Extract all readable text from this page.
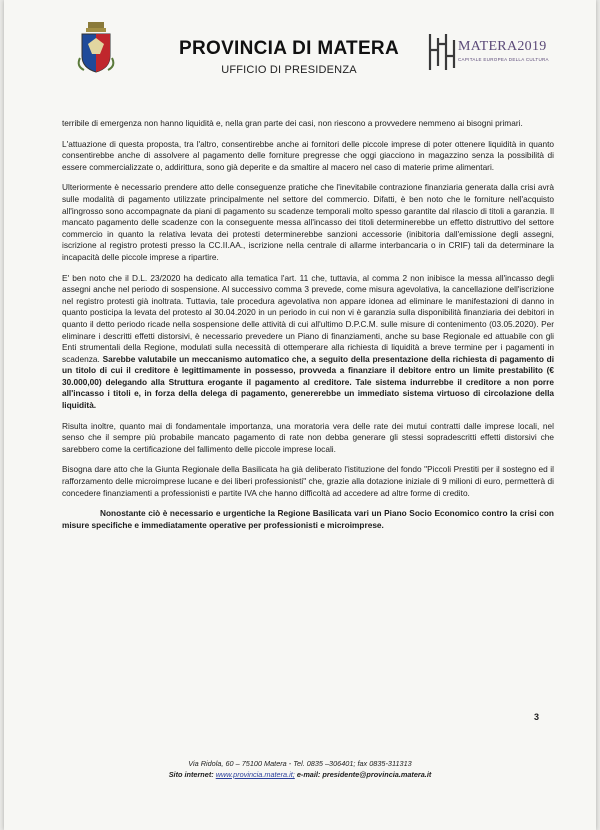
PROVINCIA DI MATERA
UFFICIO DI PRESIDENZA
MATERA2019
CAPITALE EUROPEA DELLA CULTURA

terribile di emergenza non hanno liquidità e, nella gran parte dei casi, non riescono a provvedere nemmeno ai bisogni primari.

L'attuazione di questa proposta, tra l'altro, consentirebbe anche ai fornitori delle piccole imprese di poter ottenere liquidità in quanto consentirebbe anche di assolvere al pagamento delle forniture pregresse che oggi giacciono in magazzino senza la possibilità di essere commercializzate o, addirittura, sono già deperite e da smaltire al macero nel caso di materie prime alimentari.

Ulteriormente è necessario prendere atto delle conseguenze pratiche che l'inevitabile contrazione finanziaria generata dalla crisi avrà sulle modalità di pagamento utilizzate principalmente nel settore del commercio. Difatti, è ben noto che le forniture nell'acquisto all'ingrosso sono accompagnate da piani di pagamento su scadenze temporali molto spesso garantite dal rilascio di titoli a garanzia. Il mancato pagamento delle scadenze con la conseguente messa all'incasso dei titoli determinerebbe un effetto distruttivo del settore commercio in quanto la relativa levata dei protesti determinerebbe sanzioni accessorie (inibitoria dall'emissione degli assegni, iscrizione al registro protesti presso la CC.II.AA., iscrizione nella centrale di allarme interbancaria o in CRIF) tali da determinare la incapacità delle piccole imprese a ripartire.

E' ben noto che il D.L. 23/2020 ha dedicato alla tematica l'art. 11 che, tuttavia, al comma 2 non inibisce la messa all'incasso degli assegni anche nel periodo di sospensione. Al successivo comma 3 prevede, come misura agevolativa, la cancellazione dell'iscrizione nel registro protesti già inoltrata. Tuttavia, tale procedura agevolativa non appare idonea ad eliminare le manifestazioni di danno in quanto posticipa la levata del protesto al 30.04.2020 in un periodo in cui non vi è garanzia sulla disponibilità finanziaria dei debitori in quanto il detto periodo ricade nella sospensione delle attività di cui all'ultimo D.P.C.M. sulle misure di contenimento (03.05.2020). Per eliminare i descritti effetti distorsivi, è necessario prevedere un Piano di finanziamenti, anche su base Regionale ed attuabile con gli Enti strumentali della Regione, modulati sulla necessità di ottemperare alla richiesta di liquidità a breve termine per i pagamenti in scadenza. Sarebbe valutabile un meccanismo automatico che, a seguito della presentazione della richiesta di pagamento di un titolo di cui il creditore è legittimamente in possesso, provveda a finanziare il debitore entro un limite prestabilito (€ 30.000,00) delegando alla Struttura erogante il pagamento al creditore. Tale sistema indurrebbe il creditore a non porre all'incasso i titoli e, in forza della delega di pagamento, genererebbe un immediato sistema virtuoso di circolazione della liquidità.

Risulta inoltre, quanto mai di fondamentale importanza, una moratoria vera delle rate dei mutui contratti dalle imprese locali, nel senso che il sempre più probabile mancato pagamento di rate non debba generare gli stessi sopradescritti effetti distorsivi che sarebbero come la certificazione del fallimento delle piccole imprese locali.

Bisogna dare atto che la Giunta Regionale della Basilicata ha già deliberato l'istituzione del fondo "Piccoli Prestiti per il sostegno ed il rafforzamento delle microimprese lucane e dei liberi professionisti" che, grazie alla dotazione iniziale di 9 milioni di euro, permetterà di concedere finanziamenti a professionisti e partite IVA che hanno difficoltà ad accedere ad altre forme di credito.

Nonostante ciò è necessario e urgentiche la Regione Basilicata vari un Piano Socio Economico contro la crisi con misure specifiche e immediatamente operative per professionisti e microimprese.

3
Via Ridola, 60 – 75100 Matera - Tel. 0835 –306401; fax 0835-311313
Sito internet: www.provincia.matera.it; e-mail: presidente@provincia.matera.it
